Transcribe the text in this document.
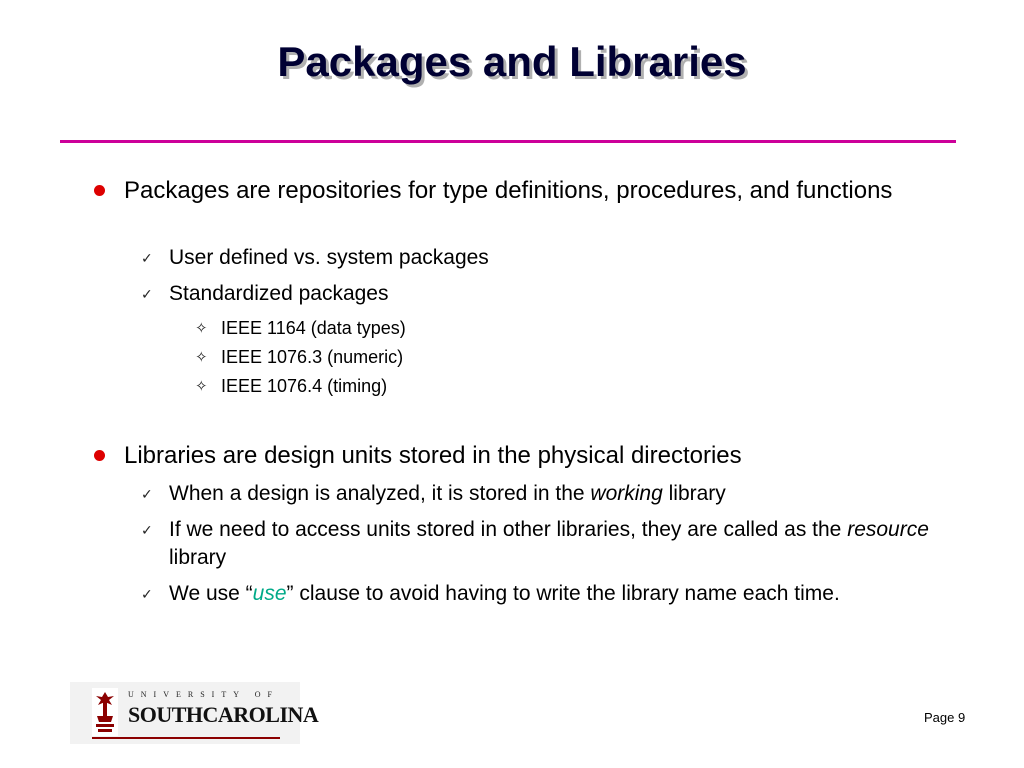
Packages and Libraries
Packages are repositories for type definitions, procedures, and functions
✓ User defined vs. system packages
✓ Standardized packages
✧ IEEE 1164 (data types)
✧ IEEE 1076.3 (numeric)
✧ IEEE 1076.4 (timing)
Libraries are design units stored in the physical directories
✓ When a design is analyzed, it is stored in the working library
✓ If we need to access units stored in other libraries, they are called as the resource library
✓ We use “use” clause to avoid having to write the library name each time.
UNIVERSITY OF
SOUTHCAROLINA	Page 9
